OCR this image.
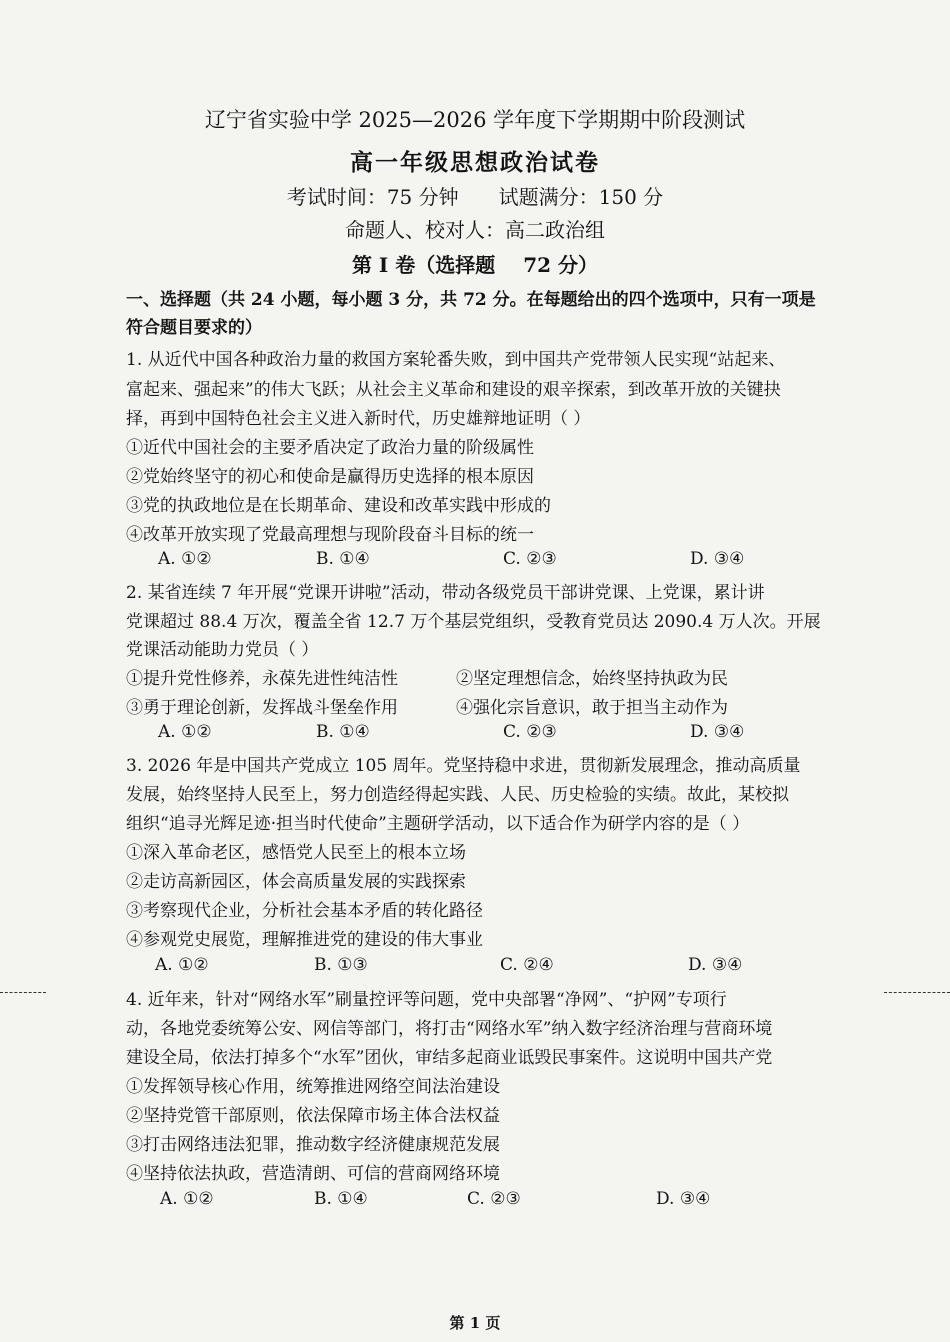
辽宁省实验中学 2025—2026 学年度下学期期中阶段测试
高一年级思想政治试卷
考试时间：75 分钟 试题满分：150 分
命题人、校对人：高二政治组
第 I 卷（选择题 72 分）
一、选择题（共 24 小题，每小题 3 分，共 72 分。在每题给出的四个选项中，只有一项是
符合题目要求的）
1. 从近代中国各种政治力量的救国方案轮番失败，到中国共产党带领人民实现“站起来、
富起来、强起来”的伟大飞跃；从社会主义革命和建设的艰辛探索，到改革开放的关键抉
择，再到中国特色社会主义进入新时代，历史雄辩地证明（ ）
①近代中国社会的主要矛盾决定了政治力量的阶级属性
②党始终坚守的初心和使命是赢得历史选择的根本原因
③党的执政地位是在长期革命、建设和改革实践中形成的
④改革开放实现了党最高理想与现阶段奋斗目标的统一
A. ①②	B. ①④	C. ②③	D. ③④
2. 某省连续 7 年开展“党课开讲啦”活动，带动各级党员干部讲党课、上党课，累计讲
党课超过 88.4 万次，覆盖全省 12.7 万个基层党组织，受教育党员达 2090.4 万人次。开展
党课活动能助力党员（ ）
①提升党性修养，永葆先进性纯洁性	②坚定理想信念，始终坚持执政为民
③勇于理论创新，发挥战斗堡垒作用	④强化宗旨意识，敢于担当主动作为
A. ①②	B. ①④	C. ②③	D. ③④
3. 2026 年是中国共产党成立 105 周年。党坚持稳中求进，贯彻新发展理念，推动高质量
发展，始终坚持人民至上，努力创造经得起实践、人民、历史检验的实绩。故此，某校拟
组织“追寻光辉足迹·担当时代使命”主题研学活动，以下适合作为研学内容的是（ ）
①深入革命老区，感悟党人民至上的根本立场
②走访高新园区，体会高质量发展的实践探索
③考察现代企业，分析社会基本矛盾的转化路径
④参观党史展览，理解推进党的建设的伟大事业
A. ①②	B. ①③	C. ②④	D. ③④
4. 近年来，针对“网络水军”刷量控评等问题，党中央部署“净网”、“护网”专项行
动，各地党委统筹公安、网信等部门，将打击“网络水军”纳入数字经济治理与营商环境
建设全局，依法打掉多个“水军”团伙，审结多起商业诋毁民事案件。这说明中国共产党
①发挥领导核心作用，统筹推进网络空间法治建设
②坚持党管干部原则，依法保障市场主体合法权益
③打击网络违法犯罪，推动数字经济健康规范发展
④坚持依法执政，营造清朗、可信的营商网络环境
A. ①②	B. ①④	C. ②③	D. ③④
第 1 页
